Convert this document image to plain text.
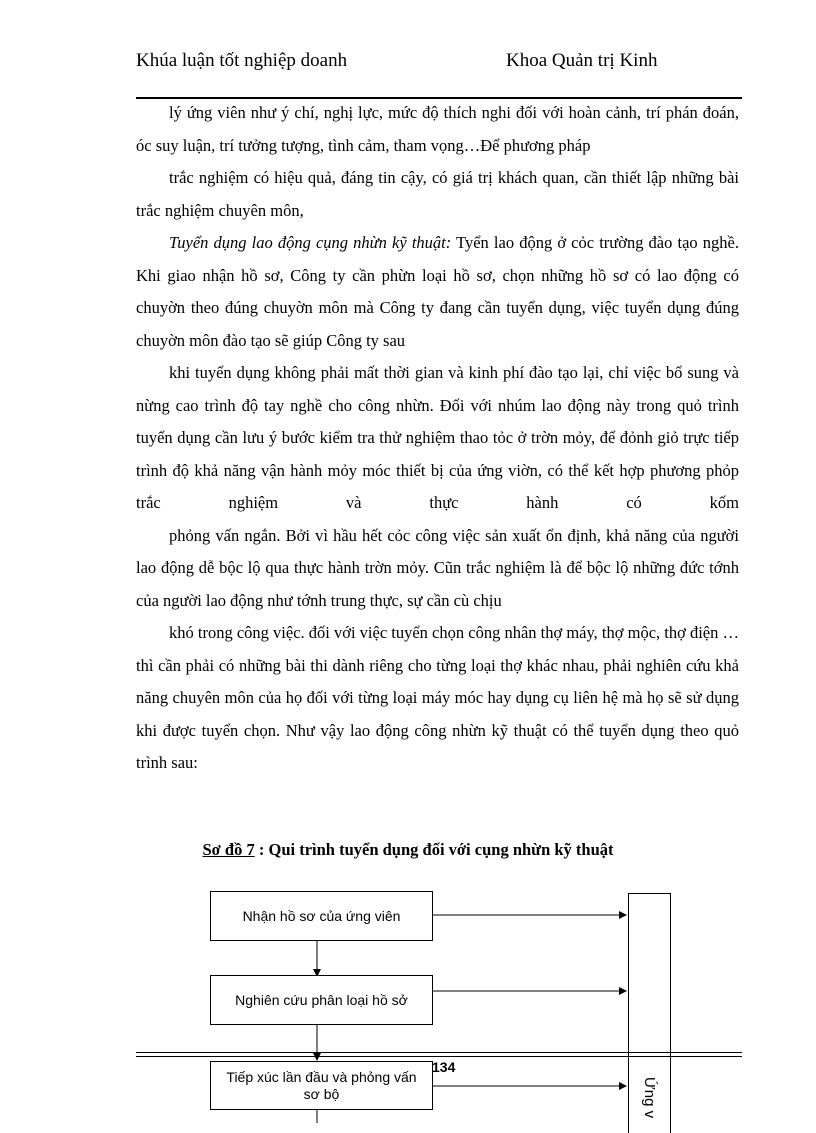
Khúa luận tốt nghiệp doanh	Khoa Quản trị Kinh

lý ứng viên như ý chí, nghị lực, mức độ thích nghi đối với hoàn cảnh, trí phán đoán, óc suy luận, trí tưởng tượng, tình cảm, tham vọng…Để phương pháp

trắc nghiệm có hiệu quả, đáng tin cậy, có giá trị khách quan, cần thiết lập những bài trắc nghiệm chuyên môn,

Tuyển dụng lao động cụng nhừn kỹ thuật: Tyển lao động ở cỏc trường đào tạo nghề. Khi giao nhận hồ sơ, Công ty cần phừn loại hồ sơ, chọn những hồ sơ có lao động có chuyờn theo đúng chuyờn môn mà Công ty đang cần tuyển dụng, việc tuyển dụng đúng chuyờn môn đào tạo sẽ giúp Công ty sau

khi tuyển dụng không phải mất thời gian và kinh phí đào tạo lại, chỉ việc bổ sung và nừng cao trình độ tay nghề cho công nhừn. Đối với nhúm lao động này trong quỏ trình tuyển dụng cần lưu ý bước kiểm tra thử nghiệm thao tỏc ở trờn mỏy, để đỏnh giỏ trực tiếp trình độ khả năng vận hành mỏy móc thiết bị của ứng viờn, có thể kết hợp phương phỏp trắc nghiệm và thực hành có kốm

phỏng vấn ngắn. Bởi vì hầu hết cỏc công việc sản xuất ổn định, khả năng của người lao động dễ bộc lộ qua thực hành trờn mỏy. Cũn trắc nghiệm là để bộc lộ những đức tớnh của người lao động như tớnh trung thực, sự cần cù chịu

khó trong công việc. đối với việc tuyển chọn công nhân thợ máy, thợ mộc, thợ điện … thì cần phải có những bài thi dành riêng cho từng loại thợ khác nhau, phải nghiên cứu khả năng chuyên môn của họ đối với từng loại máy móc hay dụng cụ liên hệ mà họ sẽ sử dụng khi được tuyển chọn. Như vậy lao động công nhừn kỹ thuật có thể tuyển dụng theo quỏ trình sau:

Sơ đồ 7 : Qui trình tuyển dụng đối với cụng nhừn kỹ thuật
Nhận hồ sơ của ứng viên
Nghiên cứu phân loại hồ sở
Tiếp xúc lần đầu và phỏng vấn sơ bộ	Ứng v
134
